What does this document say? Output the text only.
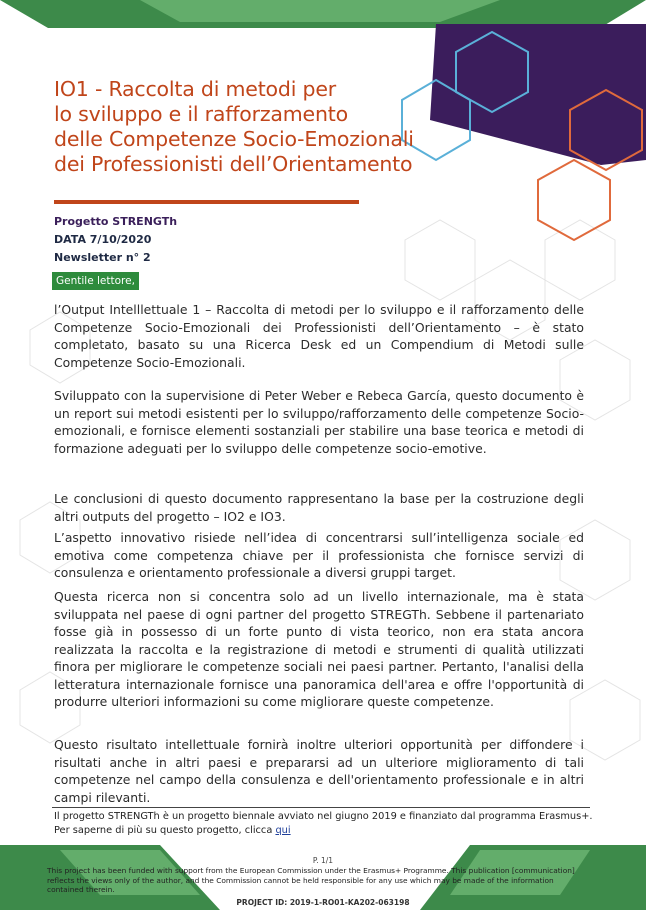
IO1 - Raccolta di metodi per
lo sviluppo e il rafforzamento
delle Competenze Socio-Emozionali
dei Professionisti dell’Orientamento
Progetto STRENGTh
DATA 7/10/2020
Newsletter n° 2
Gentile lettore,

l’Output Intelllettuale 1 – Raccolta di metodi per lo sviluppo e il rafforzamento delle Competenze Socio-Emozionali dei Professionisti dell’Orientamento – è stato completato, basato su una Ricerca Desk ed un Compendium di Metodi sulle Competenze Socio-Emozionali.

Sviluppato con la supervisione di Peter Weber e Rebeca García, questo documento è un report sui metodi esistenti per lo sviluppo/rafforzamento delle competenze Socio-emozionali, e fornisce elementi sostanziali per stabilire una base teorica e metodi di formazione adeguati per lo sviluppo delle competenze socio-emotive.

Le conclusioni di questo documento rappresentano la base per la costruzione degli altri outputs del progetto – IO2 e IO3.

L’aspetto innovativo risiede nell’idea di concentrarsi sull’intelligenza sociale ed emotiva come competenza chiave per il professionista che fornisce servizi di consulenza e orientamento professionale a diversi gruppi target.

Questa ricerca non si concentra solo ad un livello internazionale, ma è stata sviluppata nel paese di ogni partner del progetto STREGTh. Sebbene il partenariato fosse già in possesso di un forte punto di vista teorico, non era stata ancora realizzata la raccolta e la registrazione di metodi e strumenti di qualità utilizzati finora per migliorare le competenze sociali nei paesi partner. Pertanto, l'analisi della letteratura internazionale fornisce una panoramica dell'area e offre l'opportunità di produrre ulteriori informazioni su come migliorare queste competenze.

Questo risultato intellettuale fornirà inoltre ulteriori opportunità per diffondere i risultati anche in altri paesi e prepararsi ad un ulteriore miglioramento di tali competenze nel campo della consulenza e dell'orientamento professionale e in altri campi rilevanti.

Il progetto STRENGTh è un progetto biennale avviato nel giugno 2019 e finanziato dal programma Erasmus+.
Per saperne di più su questo progetto, clicca qui
P. 1/1
This project has been funded with support from the European Commission under the Erasmus+ Programme. This publication [communication] reflects the views only of the author, and the Commission cannot be held responsible for any use which may be made of the information contained therein.
PROJECT ID: 2019-1-RO01-KA202-063198
